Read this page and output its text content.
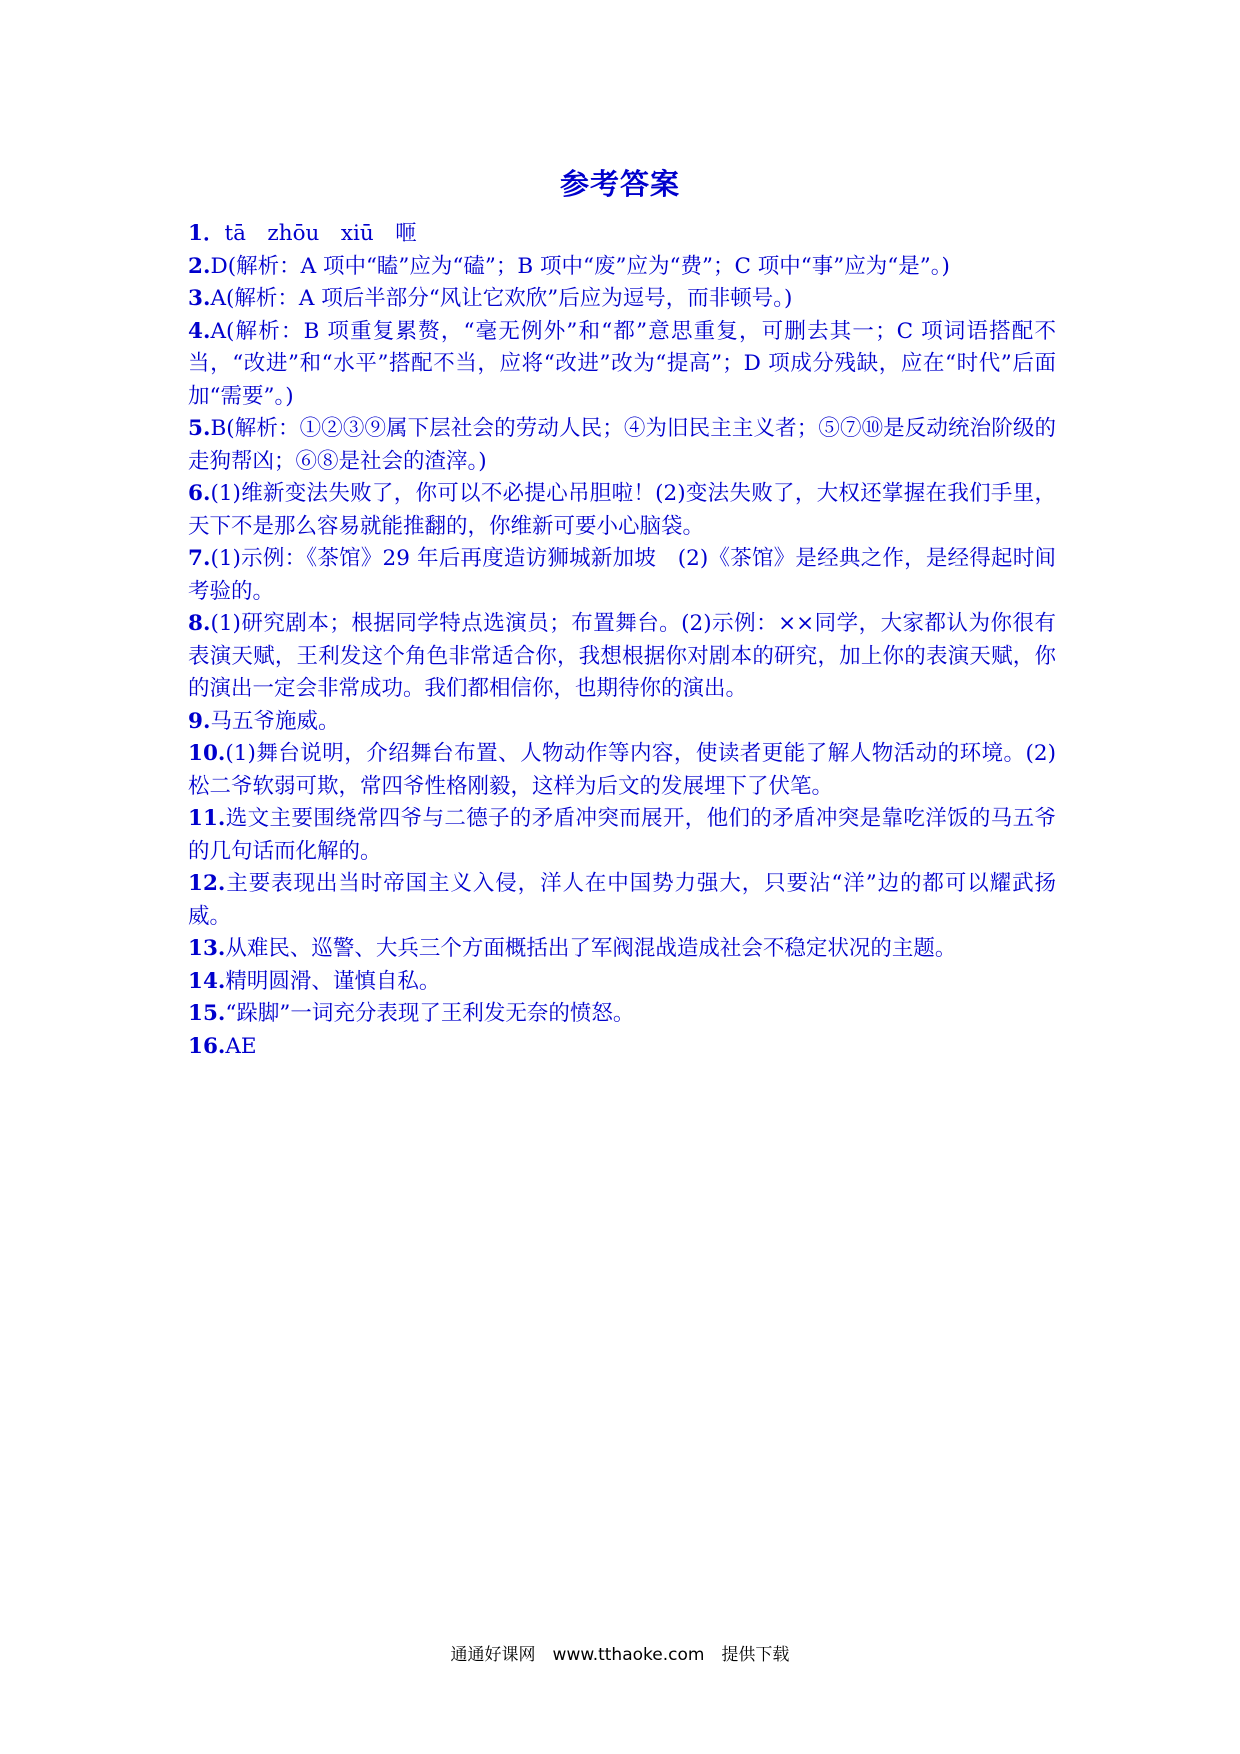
参考答案

1．tā　zhōu　xiū　咂

2.D(解析：A 项中“瞌”应为“磕”；B 项中“废”应为“费”；C 项中“事”应为“是”。)

3.A(解析：A 项后半部分“风让它欢欣”后应为逗号，而非顿号。)

4.A(解析：B 项重复累赘，“毫无例外”和“都”意思重复，可删去其一；C 项词语搭配不当，“改进”和“水平”搭配不当，应将“改进”改为“提高”；D 项成分残缺，应在“时代”后面加“需要”。)

5.B(解析：①②③⑨属下层社会的劳动人民；④为旧民主主义者；⑤⑦⑩是反动统治阶级的走狗帮凶；⑥⑧是社会的渣滓。)

6.(1)维新变法失败了，你可以不必提心吊胆啦！(2)变法失败了，大权还掌握在我们手里，天下不是那么容易就能推翻的，你维新可要小心脑袋。

7.(1)示例：《茶馆》29 年后再度造访狮城新加坡　(2)《茶馆》是经典之作，是经得起时间考验的。

8.(1)研究剧本；根据同学特点选演员；布置舞台。(2)示例：××同学，大家都认为你很有表演天赋，王利发这个角色非常适合你，我想根据你对剧本的研究，加上你的表演天赋，你的演出一定会非常成功。我们都相信你，也期待你的演出。

9.马五爷施威。

10.(1)舞台说明，介绍舞台布置、人物动作等内容，使读者更能了解人物活动的环境。(2)松二爷软弱可欺，常四爷性格刚毅，这样为后文的发展埋下了伏笔。

11.选文主要围绕常四爷与二德子的矛盾冲突而展开，他们的矛盾冲突是靠吃洋饭的马五爷的几句话而化解的。

12.主要表现出当时帝国主义入侵，洋人在中国势力强大，只要沾“洋”边的都可以耀武扬威。

13.从难民、巡警、大兵三个方面概括出了军阀混战造成社会不稳定状况的主题。

14.精明圆滑、谨慎自私。

15.“跺脚”一词充分表现了王利发无奈的愤怒。

16.AE

通通好课网　www.tthaoke.com　提供下载
